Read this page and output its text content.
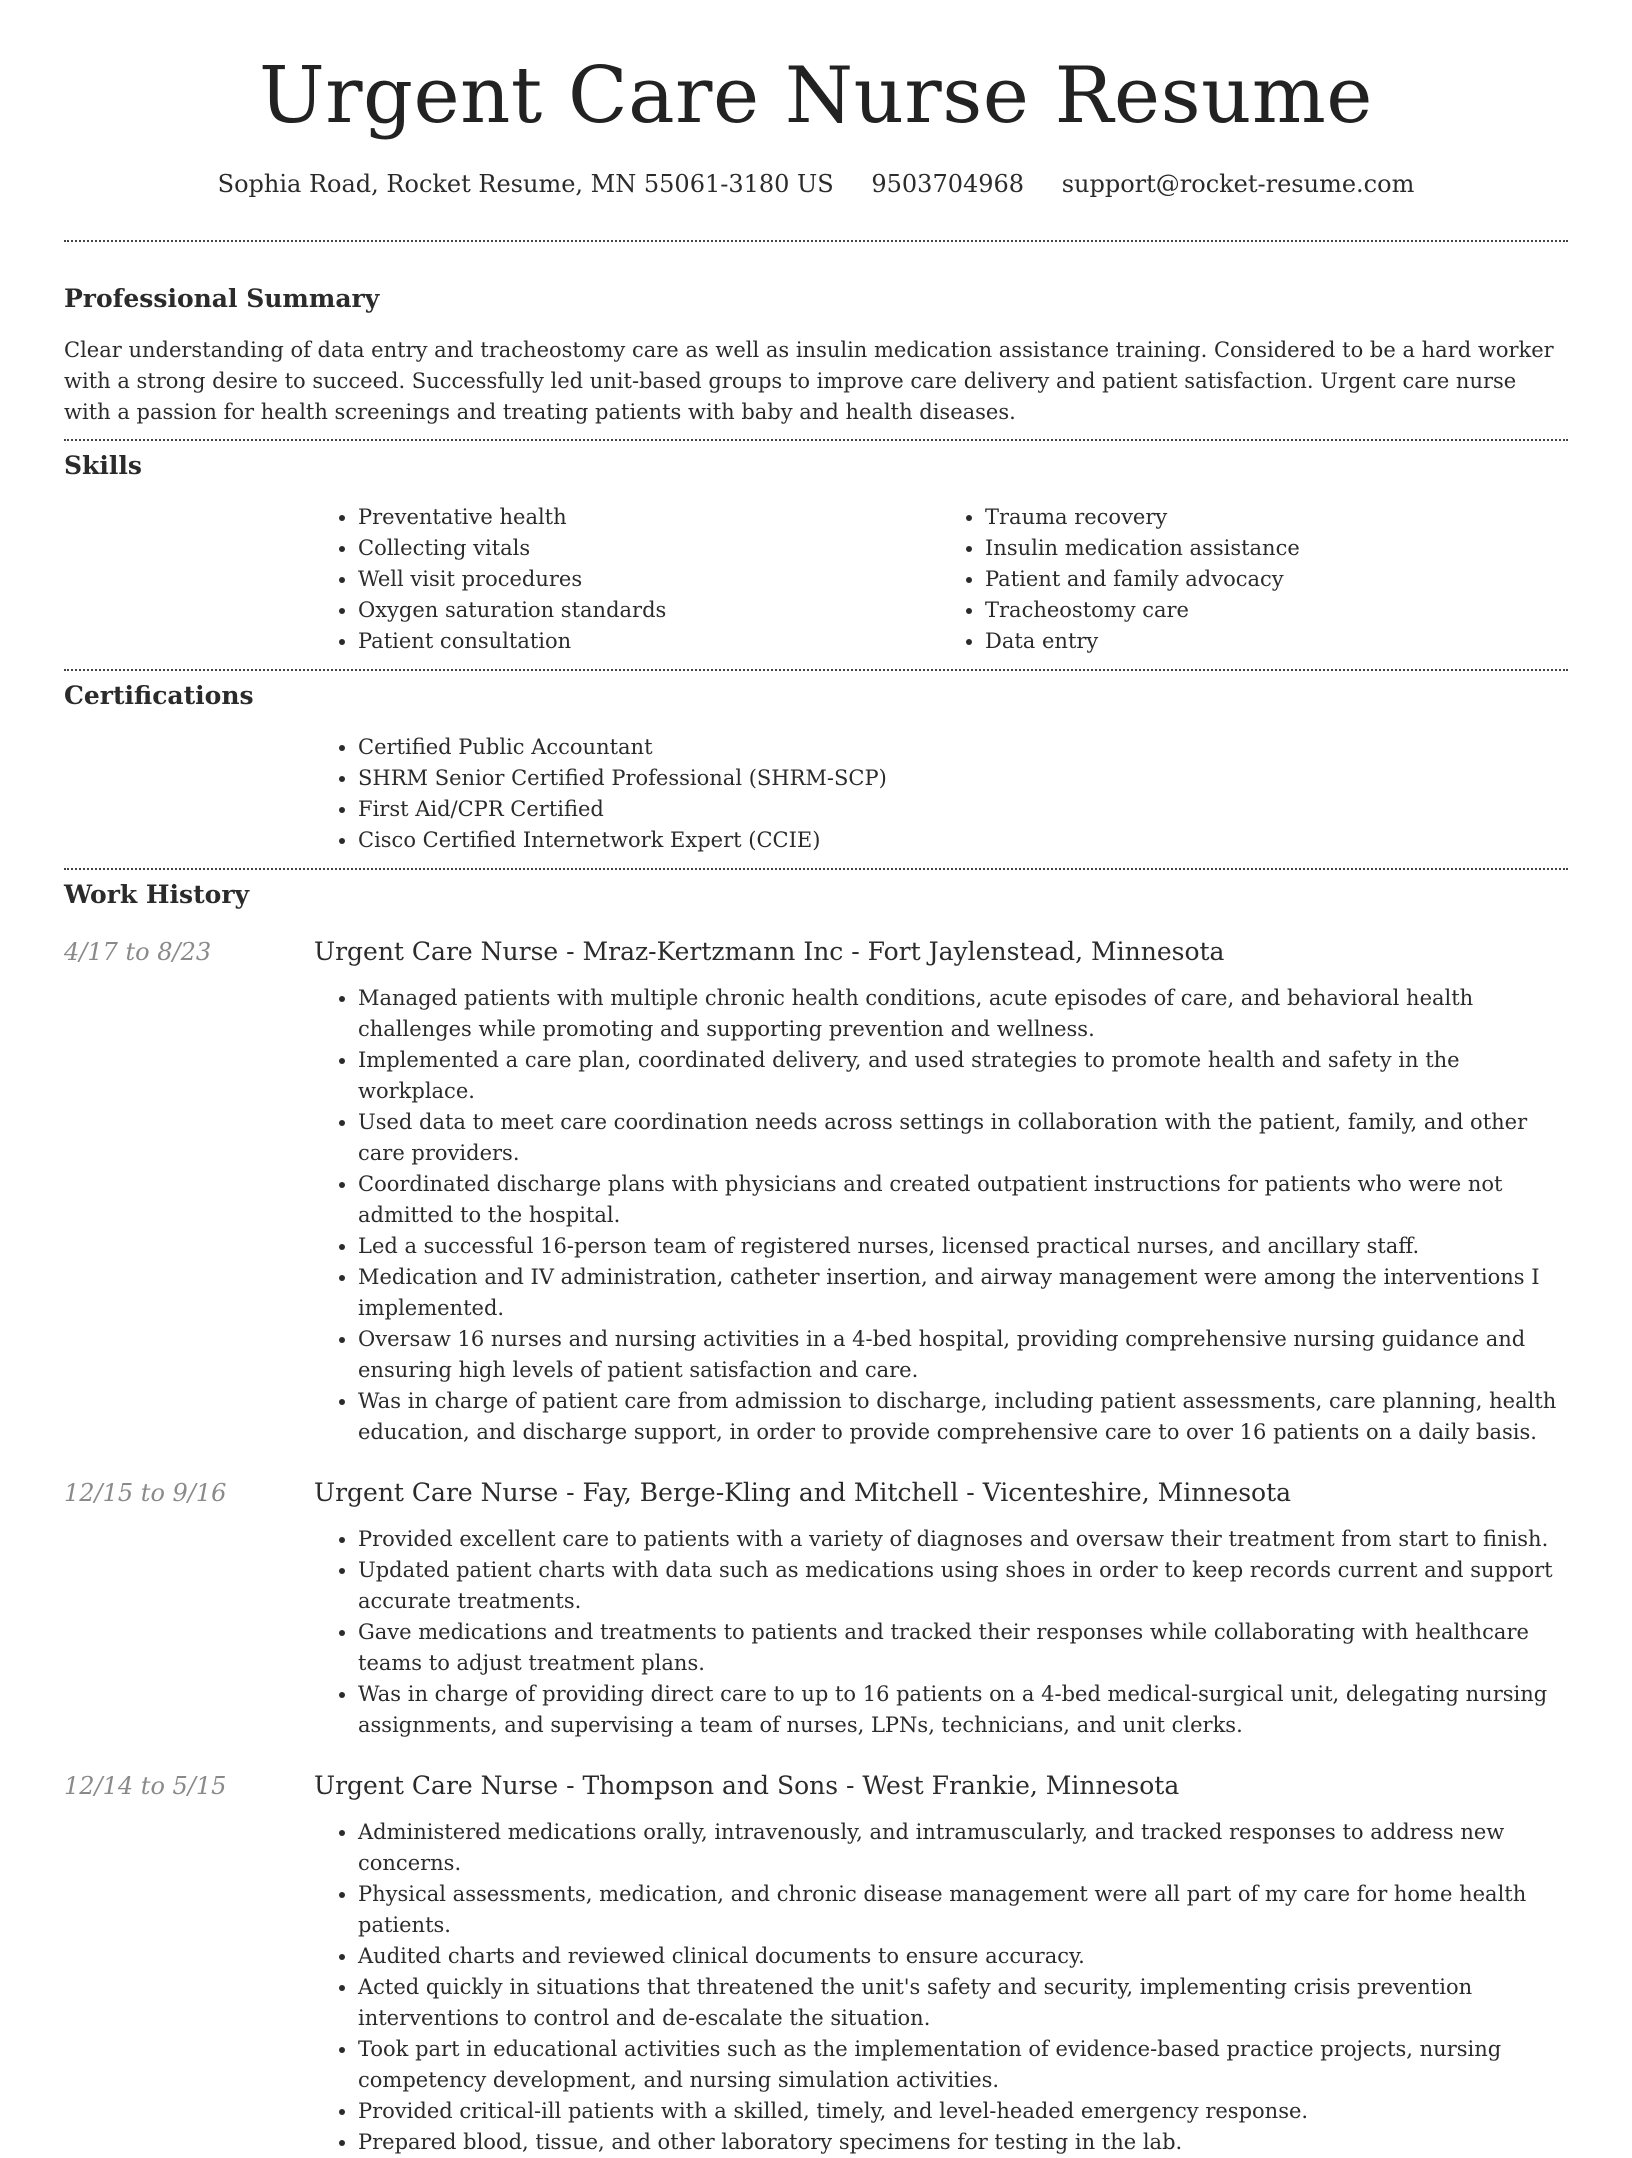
Urgent Care Nurse Resume
Sophia Road, Rocket Resume, MN 55061-3180 US 9503704968 support@rocket-resume.com
Professional Summary

Clear understanding of data entry and tracheostomy care as well as insulin medication assistance training. Considered to be a hard worker with a strong desire to succeed. Successfully led unit-based groups to improve care delivery and patient satisfaction. Urgent care nurse with a passion for health screenings and treating patients with baby and health diseases.

Skills
• Preventative health
• Collecting vitals
• Well visit procedures
• Oxygen saturation standards
• Patient consultation
• Trauma recovery
• Insulin medication assistance
• Patient and family advocacy
• Tracheostomy care
• Data entry
Certifications
• Certified Public Accountant
• SHRM Senior Certified Professional (SHRM-SCP)
• First Aid/CPR Certified
• Cisco Certified Internetwork Expert (CCIE)
Work History
4/17 to 8/23	Urgent Care Nurse - Mraz-Kertzmann Inc - Fort Jaylenstead, Minnesota
• Managed patients with multiple chronic health conditions, acute episodes of care, and behavioral health challenges while promoting and supporting prevention and wellness.
• Implemented a care plan, coordinated delivery, and used strategies to promote health and safety in the workplace.
• Used data to meet care coordination needs across settings in collaboration with the patient, family, and other care providers.
• Coordinated discharge plans with physicians and created outpatient instructions for patients who were not admitted to the hospital.
• Led a successful 16-person team of registered nurses, licensed practical nurses, and ancillary staff.
• Medication and IV administration, catheter insertion, and airway management were among the interventions I implemented.
• Oversaw 16 nurses and nursing activities in a 4-bed hospital, providing comprehensive nursing guidance and ensuring high levels of patient satisfaction and care.
• Was in charge of patient care from admission to discharge, including patient assessments, care planning, health education, and discharge support, in order to provide comprehensive care to over 16 patients on a daily basis.
12/15 to 9/16	Urgent Care Nurse - Fay, Berge-Kling and Mitchell - Vicenteshire, Minnesota
• Provided excellent care to patients with a variety of diagnoses and oversaw their treatment from start to finish.
• Updated patient charts with data such as medications using shoes in order to keep records current and support accurate treatments.
• Gave medications and treatments to patients and tracked their responses while collaborating with healthcare teams to adjust treatment plans.
• Was in charge of providing direct care to up to 16 patients on a 4-bed medical-surgical unit, delegating nursing assignments, and supervising a team of nurses, LPNs, technicians, and unit clerks.
12/14 to 5/15	Urgent Care Nurse - Thompson and Sons - West Frankie, Minnesota
• Administered medications orally, intravenously, and intramuscularly, and tracked responses to address new concerns.
• Physical assessments, medication, and chronic disease management were all part of my care for home health patients.
• Audited charts and reviewed clinical documents to ensure accuracy.
• Acted quickly in situations that threatened the unit's safety and security, implementing crisis prevention interventions to control and de-escalate the situation.
• Took part in educational activities such as the implementation of evidence-based practice projects, nursing competency development, and nursing simulation activities.
• Provided critical-ill patients with a skilled, timely, and level-headed emergency response.
• Prepared blood, tissue, and other laboratory specimens for testing in the lab.
